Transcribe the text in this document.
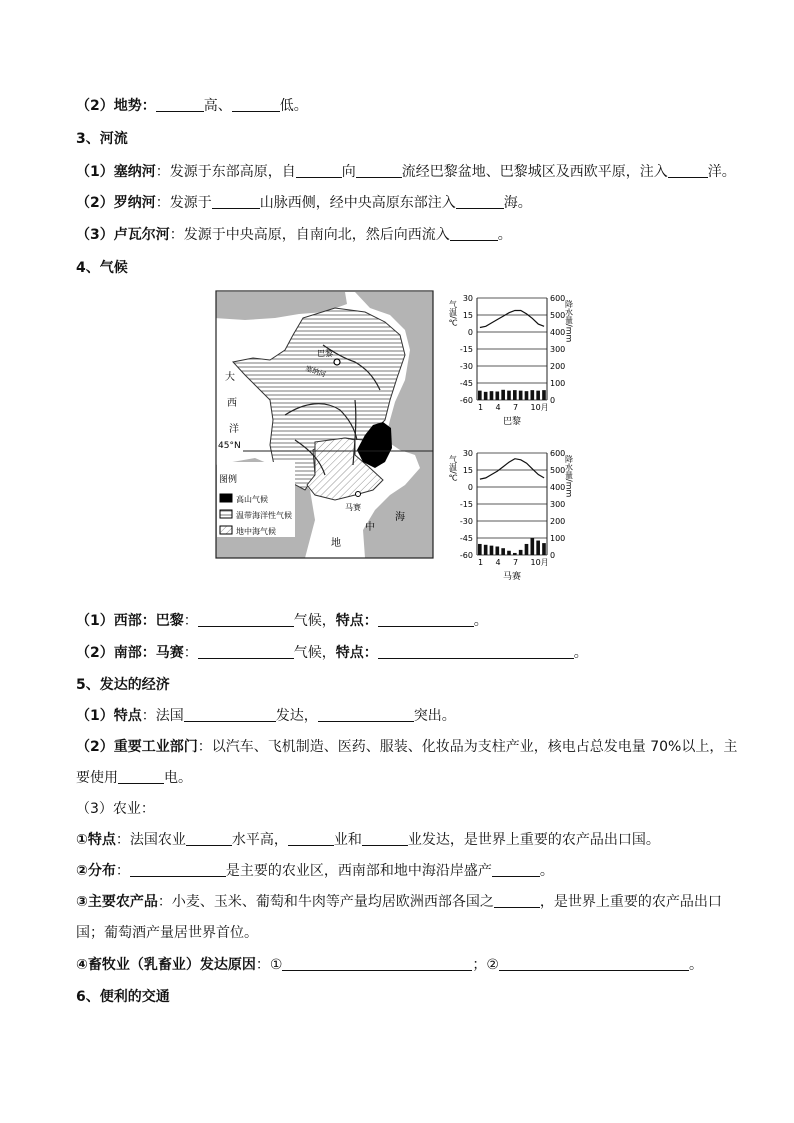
（2）地势：	高、	低。
3、河流
（1）塞纳河：发源于东部高原，自	向	流经巴黎盆地、巴黎城区及西欧平原，注入	洋。
（2）罗纳河：发源于	山脉西侧，经中央高原东部注入	海。
（3）卢瓦尔河：发源于中央高原，自南向北，然后向西流入	。
4、气候
巴黎
塞纳河
大
西
洋
45°N
马赛
中
海
地
图例
高山气候
温带海洋性气候
地中海气候
30	600
15	500
0	400
-15	300
-30	200
-45	100
-60	0
1 4 7 10月
气温/℃	降水量/mm
巴黎
30	600
15	500
0	400
-15	300
-30	200
-45	100
-60	0
1 4 7 10月
气温/℃	降水量/mm
马赛
（1）西部：巴黎：	气候，特点：	。
（2）南部：马赛：	气候，特点：	。
5、发达的经济
（1）特点：法国	发达，	突出。
（2）重要工业部门：以汽车、飞机制造、医药、服装、化妆品为支柱产业，核电占总发电量 70%以上，主
要使用	电。
（3）农业：
①特点：法国农业	水平高，	业和	业发达，是世界上重要的农产品出口国。
②分布：	是主要的农业区，西南部和地中海沿岸盛产	。
③主要农产品：小麦、玉米、葡萄和牛肉等产量均居欧洲西部各国之	，是世界上重要的农产品出口
国；葡萄酒产量居世界首位。
④畜牧业（乳畜业）发达原因：①	；②	。
6、便利的交通
